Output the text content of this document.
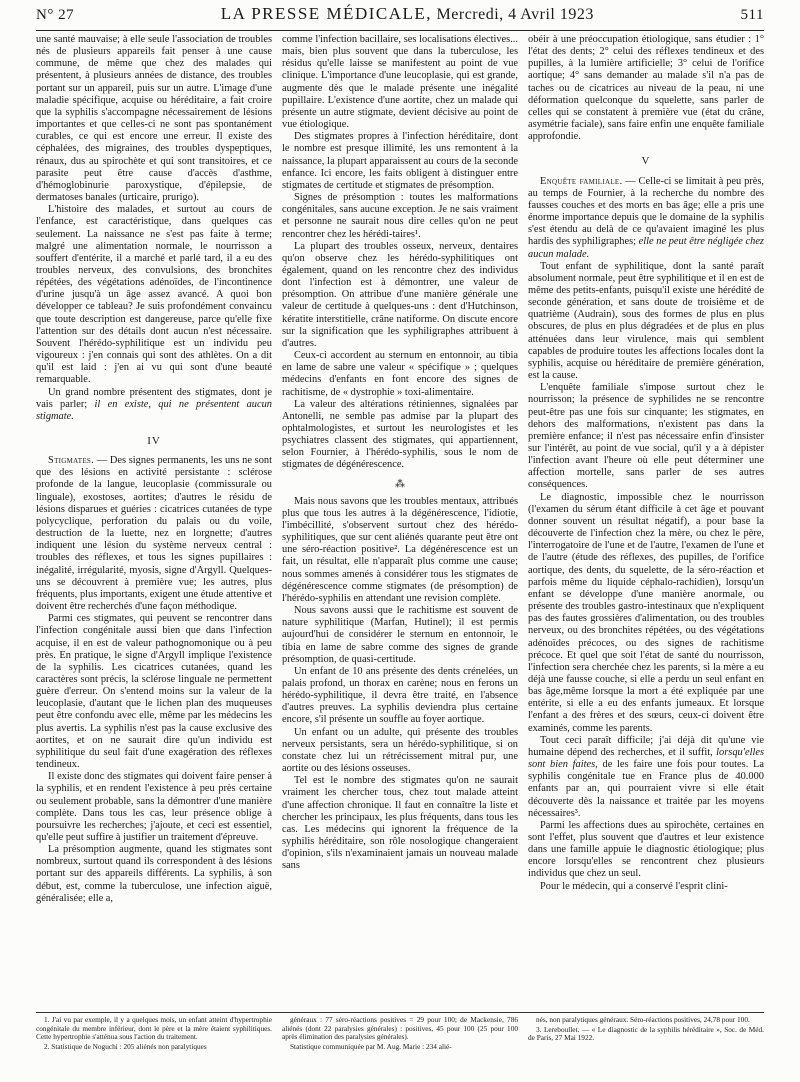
N° 27	LA PRESSE MÉDICALE, Mercredi, 4 Avril 1923	511

une santé mauvaise; à elle seule l'association de troubles nés de plusieurs appareils fait penser à une cause commune, de même que chez des malades qui présentent, à plusieurs années de distance, des troubles portant sur un appareil, puis sur un autre. L'image d'une maladie spécifique, acquise ou héréditaire, a fait croire que la syphilis s'accompagne nécessairement de lésions importantes et que celles-ci ne sont pas spontanément curables, ce qui est encore une erreur. Il existe des céphalées, des migraines, des troubles dyspeptiques, rénaux, dus au spirochète et qui sont transitoires, et ce parasite peut être cause d'accès d'asthme, d'hémoglobinurie paroxystique, d'épilepsie, de dermatoses banales (urticaire, prurigo).

L'histoire des malades, et surtout au cours de l'enfance, est caractéristique, dans quelques cas seulement. La naissance ne s'est pas faite à terme; malgré une alimentation normale, le nourrisson a souffert d'entérite, il a marché et parlé tard, il a eu des troubles nerveux, des convulsions, des bronchites répétées, des végétations adénoïdes, de l'incontinence d'urine jusqu'à un âge assez avancé. A quoi bon développer ce tableau? Je suis profondément convaincu que toute description est dangereuse, parce qu'elle fixe l'attention sur des détails dont aucun n'est nécessaire. Souvent l'hérédo-syphilitique est un individu peu vigoureux : j'en connais qui sont des athlètes. On a dit qu'il est laid : j'en ai vu qui sont d'une beauté remarquable.

Un grand nombre présentent des stigmates, dont je vais parler; il en existe, qui ne présentent aucun stigmate.

IV

Stigmates. — Des signes permanents, les uns ne sont que des lésions en activité persistante : sclérose profonde de la langue, leucoplasie (commissurale ou linguale), exostoses, aortites; d'autres le résidu de lésions disparues et guéries : cicatrices cutanées de type polycyclique, perforation du palais ou du voile, destruction de la luette, nez en lorgnette; d'autres indiquent une lésion du système nerveux central : troubles des réflexes, et tous les signes pupillaires : inégalité, irrégularité, myosis, signe d'Argyll. Quelques-uns se découvrent à première vue; les autres, plus fréquents, plus importants, exigent une étude attentive et doivent être recherchés d'une façon méthodique.

Parmi ces stigmates, qui peuvent se rencontrer dans l'infection congénitale aussi bien que dans l'infection acquise, il en est de valeur pathognomonique ou à peu près. En pratique, le signe d'Argyll implique l'existence de la syphilis. Les cicatrices cutanées, quand les caractères sont précis, la sclérose linguale ne permettent guère d'erreur. On s'entend moins sur la valeur de la leucoplasie, d'autant que le lichen plan des muqueuses peut être confondu avec elle, même par les médecins les plus avertis. La syphilis n'est pas la cause exclusive des aortites, et on ne saurait dire qu'un individu est syphilitique du seul fait d'une exagération des réflexes tendineux.

Il existe donc des stigmates qui doivent faire penser à la syphilis, et en rendent l'existence à peu près certaine ou seulement probable, sans la démontrer d'une manière complète. Dans tous les cas, leur présence oblige à poursuivre les recherches; j'ajoute, et ceci est essentiel, qu'elle peut suffire à justifier un traitement d'épreuve.

La présomption augmente, quand les stigmates sont nombreux, surtout quand ils correspondent à des lésions portant sur des appareils différents. La syphilis, à son début, est, comme la tuberculose, une infection aiguë, généralisée; elle a,

comme l'infection bacillaire, ses localisations électives... mais, bien plus souvent que dans la tuberculose, les résidus qu'elle laisse se manifestent au point de vue clinique. L'importance d'une leucoplasie, qui est grande, augmente dès que le malade présente une inégalité pupillaire. L'existence d'une aortite, chez un malade qui présente un autre stigmate, devient décisive au point de vue étiologique.

Des stigmates propres à l'infection héréditaire, dont le nombre est presque illimité, les uns remontent à la naissance, la plupart apparaissent au cours de la seconde enfance. Ici encore, les faits obligent à distinguer entre stigmates de certitude et stigmates de présomption.

Signes de présomption : toutes les malformations congénitales, sans aucune exception. Je ne sais vraiment et personne ne saurait nous dire celles qu'on ne peut rencontrer chez les hérédi-taires¹.

La plupart des troubles osseux, nerveux, dentaires qu'on observe chez les hérédo-syphilitiques ont également, quand on les rencontre chez des individus dont l'infection est à démontrer, une valeur de présomption. On attribue d'une manière générale une valeur de certitude à quelques-uns : dent d'Hutchinson, kératite interstitielle, crâne natiforme. On discute encore sur la signification que les syphiligraphes attribuent à d'autres.

Ceux-ci accordent au sternum en entonnoir, au tibia en lame de sabre une valeur « spécifique » ; quelques médecins d'enfants en font encore des signes de rachitisme, de « dystrophie » toxi-alimentaire.

La valeur des altérations rétiniennes, signalées par Antonelli, ne semble pas admise par la plupart des ophtalmologistes, et surtout les neurologistes et les psychiatres classent des stigmates, qui appartiennent, selon Fournier, à l'hérédo-syphilis, sous le nom de stigmates de dégénérescence.

⁂

Mais nous savons que les troubles mentaux, attribués plus que tous les autres à la dégénérescence, l'idiotie, l'imbécillité, s'observent surtout chez des hérédo-syphilitiques, que sur cent aliénés quarante peut être ont une séro-réaction positive². La dégénérescence est un fait, un résultat, elle n'apparaît plus comme une cause; nous sommes amenés à considérer tous les stigmates de dégénérescence comme stigmates (de présomption) de l'hérédo-syphilis en attendant une revision complète.

Nous savons aussi que le rachitisme est souvent de nature syphilitique (Marfan, Hutinel); il est permis aujourd'hui de considérer le sternum en entonnoir, le tibia en lame de sabre comme des signes de grande présomption, de quasi-certitude.

Un enfant de 10 ans présente des dents crénelées, un palais profond, un thorax en carène; nous en ferons un hérédo-syphilitique, il devra être traité, en l'absence d'autres preuves. La syphilis deviendra plus certaine encore, s'il présente un souffle au foyer aortique.

Un enfant ou un adulte, qui présente des troubles nerveux persistants, sera un hérédo-syphilitique, si on constate chez lui un rétrécissement mitral pur, une aortite ou des lésions osseuses.

Tel est le nombre des stigmates qu'on ne saurait vraiment les chercher tous, chez tout malade atteint d'une affection chronique. Il faut en connaître la liste et chercher les principaux, les plus fréquents, dans tous les cas. Les médecins qui ignorent la fréquence de la syphilis héréditaire, son rôle nosologique changeraient d'opinion, s'ils n'examinaient jamais un nouveau malade sans

obéir à une préoccupation étiologique, sans étudier : 1° l'état des dents; 2° celui des réflexes tendineux et des pupilles, à la lumière artificielle; 3° celui de l'orifice aortique; 4° sans demander au malade s'il n'a pas de taches ou de cicatrices au niveau de la peau, ni une déformation quelconque du squelette, sans parler de celles qui se constatent à première vue (état du crâne, asymétrie faciale), sans faire enfin une enquête familiale approfondie.

V

Enquête familiale. — Celle-ci se limitait à peu près, au temps de Fournier, à la recherche du nombre des fausses couches et des morts en bas âge; elle a pris une énorme importance depuis que le domaine de la syphilis s'est étendu au delà de ce qu'avaient imaginé les plus hardis des syphiligraphes; elle ne peut être négligée chez aucun malade.

Tout enfant de syphilitique, dont la santé paraît absolument normale, peut être syphilitique et il en est de même des petits-enfants, puisqu'il existe une hérédité de seconde génération, et sans doute de troisième et de quatrième (Audrain), sous des formes de plus en plus obscures, de plus en plus dégradées et de plus en plus atténuées dans leur virulence, mais qui semblent capables de produire toutes les affections locales dont la syphilis, acquise ou héréditaire de première génération, est la cause.

L'enquête familiale s'impose surtout chez le nourrisson; la présence de syphilides ne se rencontre peut-être pas une fois sur cinquante; les stigmates, en dehors des malformations, n'existent pas dans la première enfance; il n'est pas nécessaire enfin d'insister sur l'intérêt, au point de vue social, qu'il y a à dépister l'infection avant l'heure où elle peut déterminer une affection mortelle, sans parler de ses autres conséquences.

Le diagnostic, impossible chez le nourrisson (l'examen du sérum étant difficile à cet âge et pouvant donner souvent un résultat négatif), a pour base la découverte de l'infection chez la mère, ou chez le père, l'interrogatoire de l'une et de l'autre, l'examen de l'une et de l'autre (étude des réflexes, des pupilles, de l'orifice aortique, des dents, du squelette, de la séro-réaction et parfois même du liquide céphalo-rachidien), lorsqu'un enfant se développe d'une manière anormale, ou présente des troubles gastro-intestinaux que n'expliquent pas des fautes grossières d'alimentation, ou des troubles nerveux, ou des bronchites répétées, ou des végétations adénoïdes précoces, ou des signes de rachitisme précoce. Et quel que soit l'état de santé du nourrisson, l'infection sera cherchée chez les parents, si la mère a eu déjà une fausse couche, si elle a perdu un seul enfant en bas âge,même lorsque la mort a été expliquée par une entérite, si elle a eu des enfants jumeaux. Et lorsque l'enfant a des frères et des sœurs, ceux-ci doivent être examinés, comme les parents.

Tout ceci paraît difficile; j'ai déjà dit qu'une vie humaine dépend des recherches, et il suffit, lorsqu'elles sont bien faites, de les faire une fois pour toutes. La syphilis congénitale tue en France plus de 40.000 enfants par an, qui pourraient vivre si elle était découverte dès la naissance et traitée par les moyens nécessaires³.

Parmi les affections dues au spirochète, certaines en sont l'effet, plus souvent que d'autres et leur existence dans une famille appuie le diagnostic étiologique; plus encore lorsqu'elles se rencontrent chez plusieurs individus que chez un seul.

Pour le médecin, qui a conservé l'esprit clini-

1. J'ai vu par exemple, il y a quelques mois, un enfant atteint d'hypertrophie congénitale du membre inférieur, dont le père et la mère étaient syphilitiques. Cette hypertrophie s'atténua sous l'action du traitement.

2. Statistique de Noguchi : 205 aliénés non paralytiques

généraux : 77 séro-réactions positives = 29 pour 100; de Mackensie, 786 aliénés (dont 22 paralysies générales) : positives, 45 pour 100 (25 pour 100 après élimination des paralysies générales).

Statistique communiquée par M. Aug. Marie : 234 alié-

nés, non paralytiques généraux. Séro-réactions positives, 24,78 pour 100.

3. Lereboullet. — « Le diagnostic de la syphilis héréditaire », Soc. de Méd. de Paris, 27 Mai 1922.
